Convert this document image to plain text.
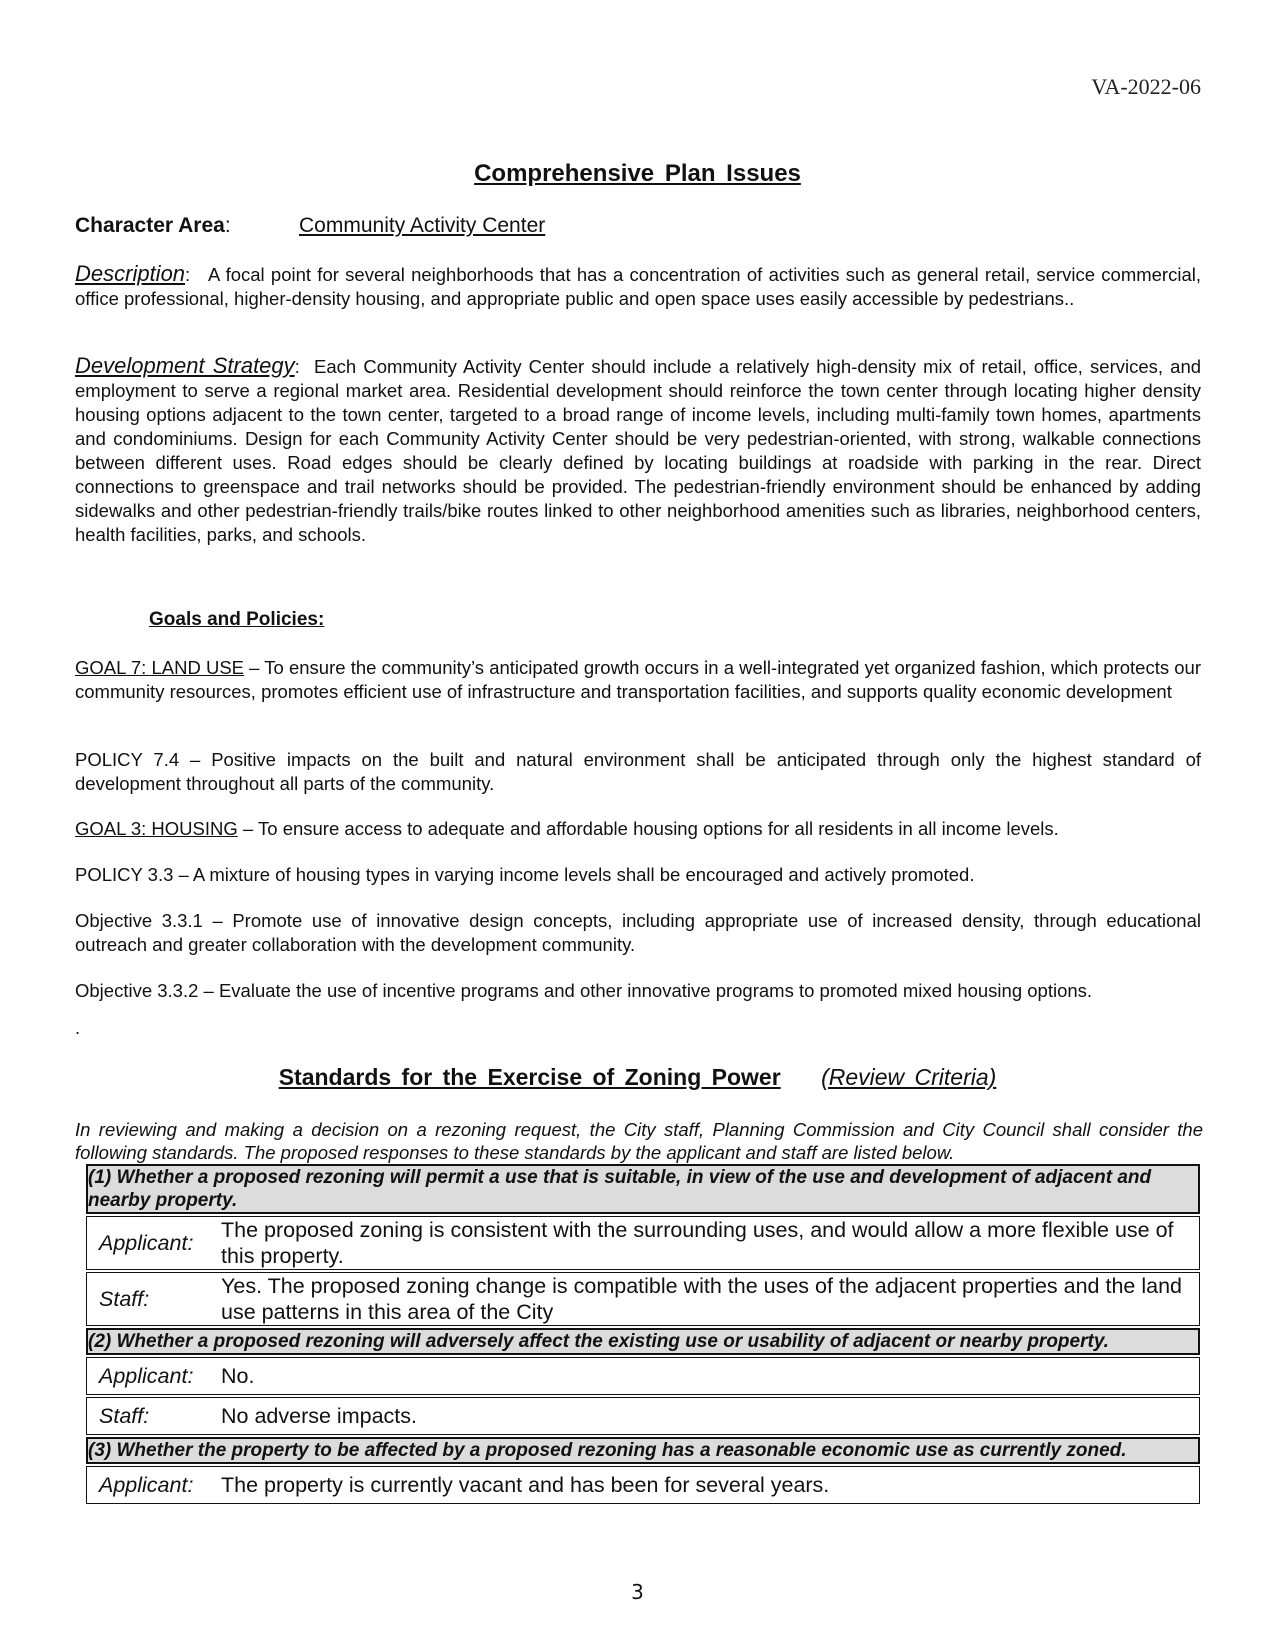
VA-2022-06
Comprehensive Plan Issues
Character Area:	Community Activity Center
Description:   A focal point for several neighborhoods that has a concentration of activities such as general retail, service commercial, office professional, higher-density housing, and appropriate public and open space uses easily accessible by pedestrians..
Development Strategy:  Each Community Activity Center should include a relatively high-density mix of retail, office, services, and employment to serve a regional market area. Residential development should reinforce the town center through locating higher density housing options adjacent to the town center, targeted to a broad range of income levels, including multi-family town homes, apartments and condominiums. Design for each Community Activity Center should be very pedestrian-oriented, with strong, walkable connections between different uses. Road edges should be clearly defined by locating buildings at roadside with parking in the rear. Direct connections to greenspace and trail networks should be provided. The pedestrian-friendly environment should be enhanced by adding sidewalks and other pedestrian-friendly trails/bike routes linked to other neighborhood amenities such as libraries, neighborhood centers, health facilities, parks, and schools.
Goals and Policies:
GOAL 7: LAND USE – To ensure the community’s anticipated growth occurs in a well-integrated yet organized fashion, which protects our community resources, promotes efficient use of infrastructure and transportation facilities, and supports quality economic development
POLICY 7.4 – Positive impacts on the built and natural environment shall be anticipated through only the highest standard of development throughout all parts of the community.
GOAL 3: HOUSING – To ensure access to adequate and affordable housing options for all residents in all income levels.
POLICY 3.3 – A mixture of housing types in varying income levels shall be encouraged and actively promoted.
Objective 3.3.1 – Promote use of innovative design concepts, including appropriate use of increased density, through educational outreach and greater collaboration with the development community.
Objective 3.3.2 – Evaluate the use of incentive programs and other innovative programs to promoted mixed housing options.
.
Standards for the Exercise of Zoning Power (Review Criteria)
In reviewing and making a decision on a rezoning request, the City staff, Planning Commission and City Council shall consider the following standards. The proposed responses to these standards by the applicant and staff are listed below.
(1) Whether a proposed rezoning will permit a use that is suitable, in view of the use and development of adjacent and nearby property.	
Applicant:	The proposed zoning is consistent with the surrounding uses, and would allow a more flexible use of this property.
Staff:	Yes. The proposed zoning change is compatible with the uses of the adjacent properties and the land use patterns in this area of the City
(2) Whether a proposed rezoning will adversely affect the existing use or usability of adjacent or nearby property.	
Applicant:	No.
Staff:	No adverse impacts.
(3) Whether the property to be affected by a proposed rezoning has a reasonable economic use as currently zoned.	
Applicant:	The property is currently vacant and has been for several years.
3
